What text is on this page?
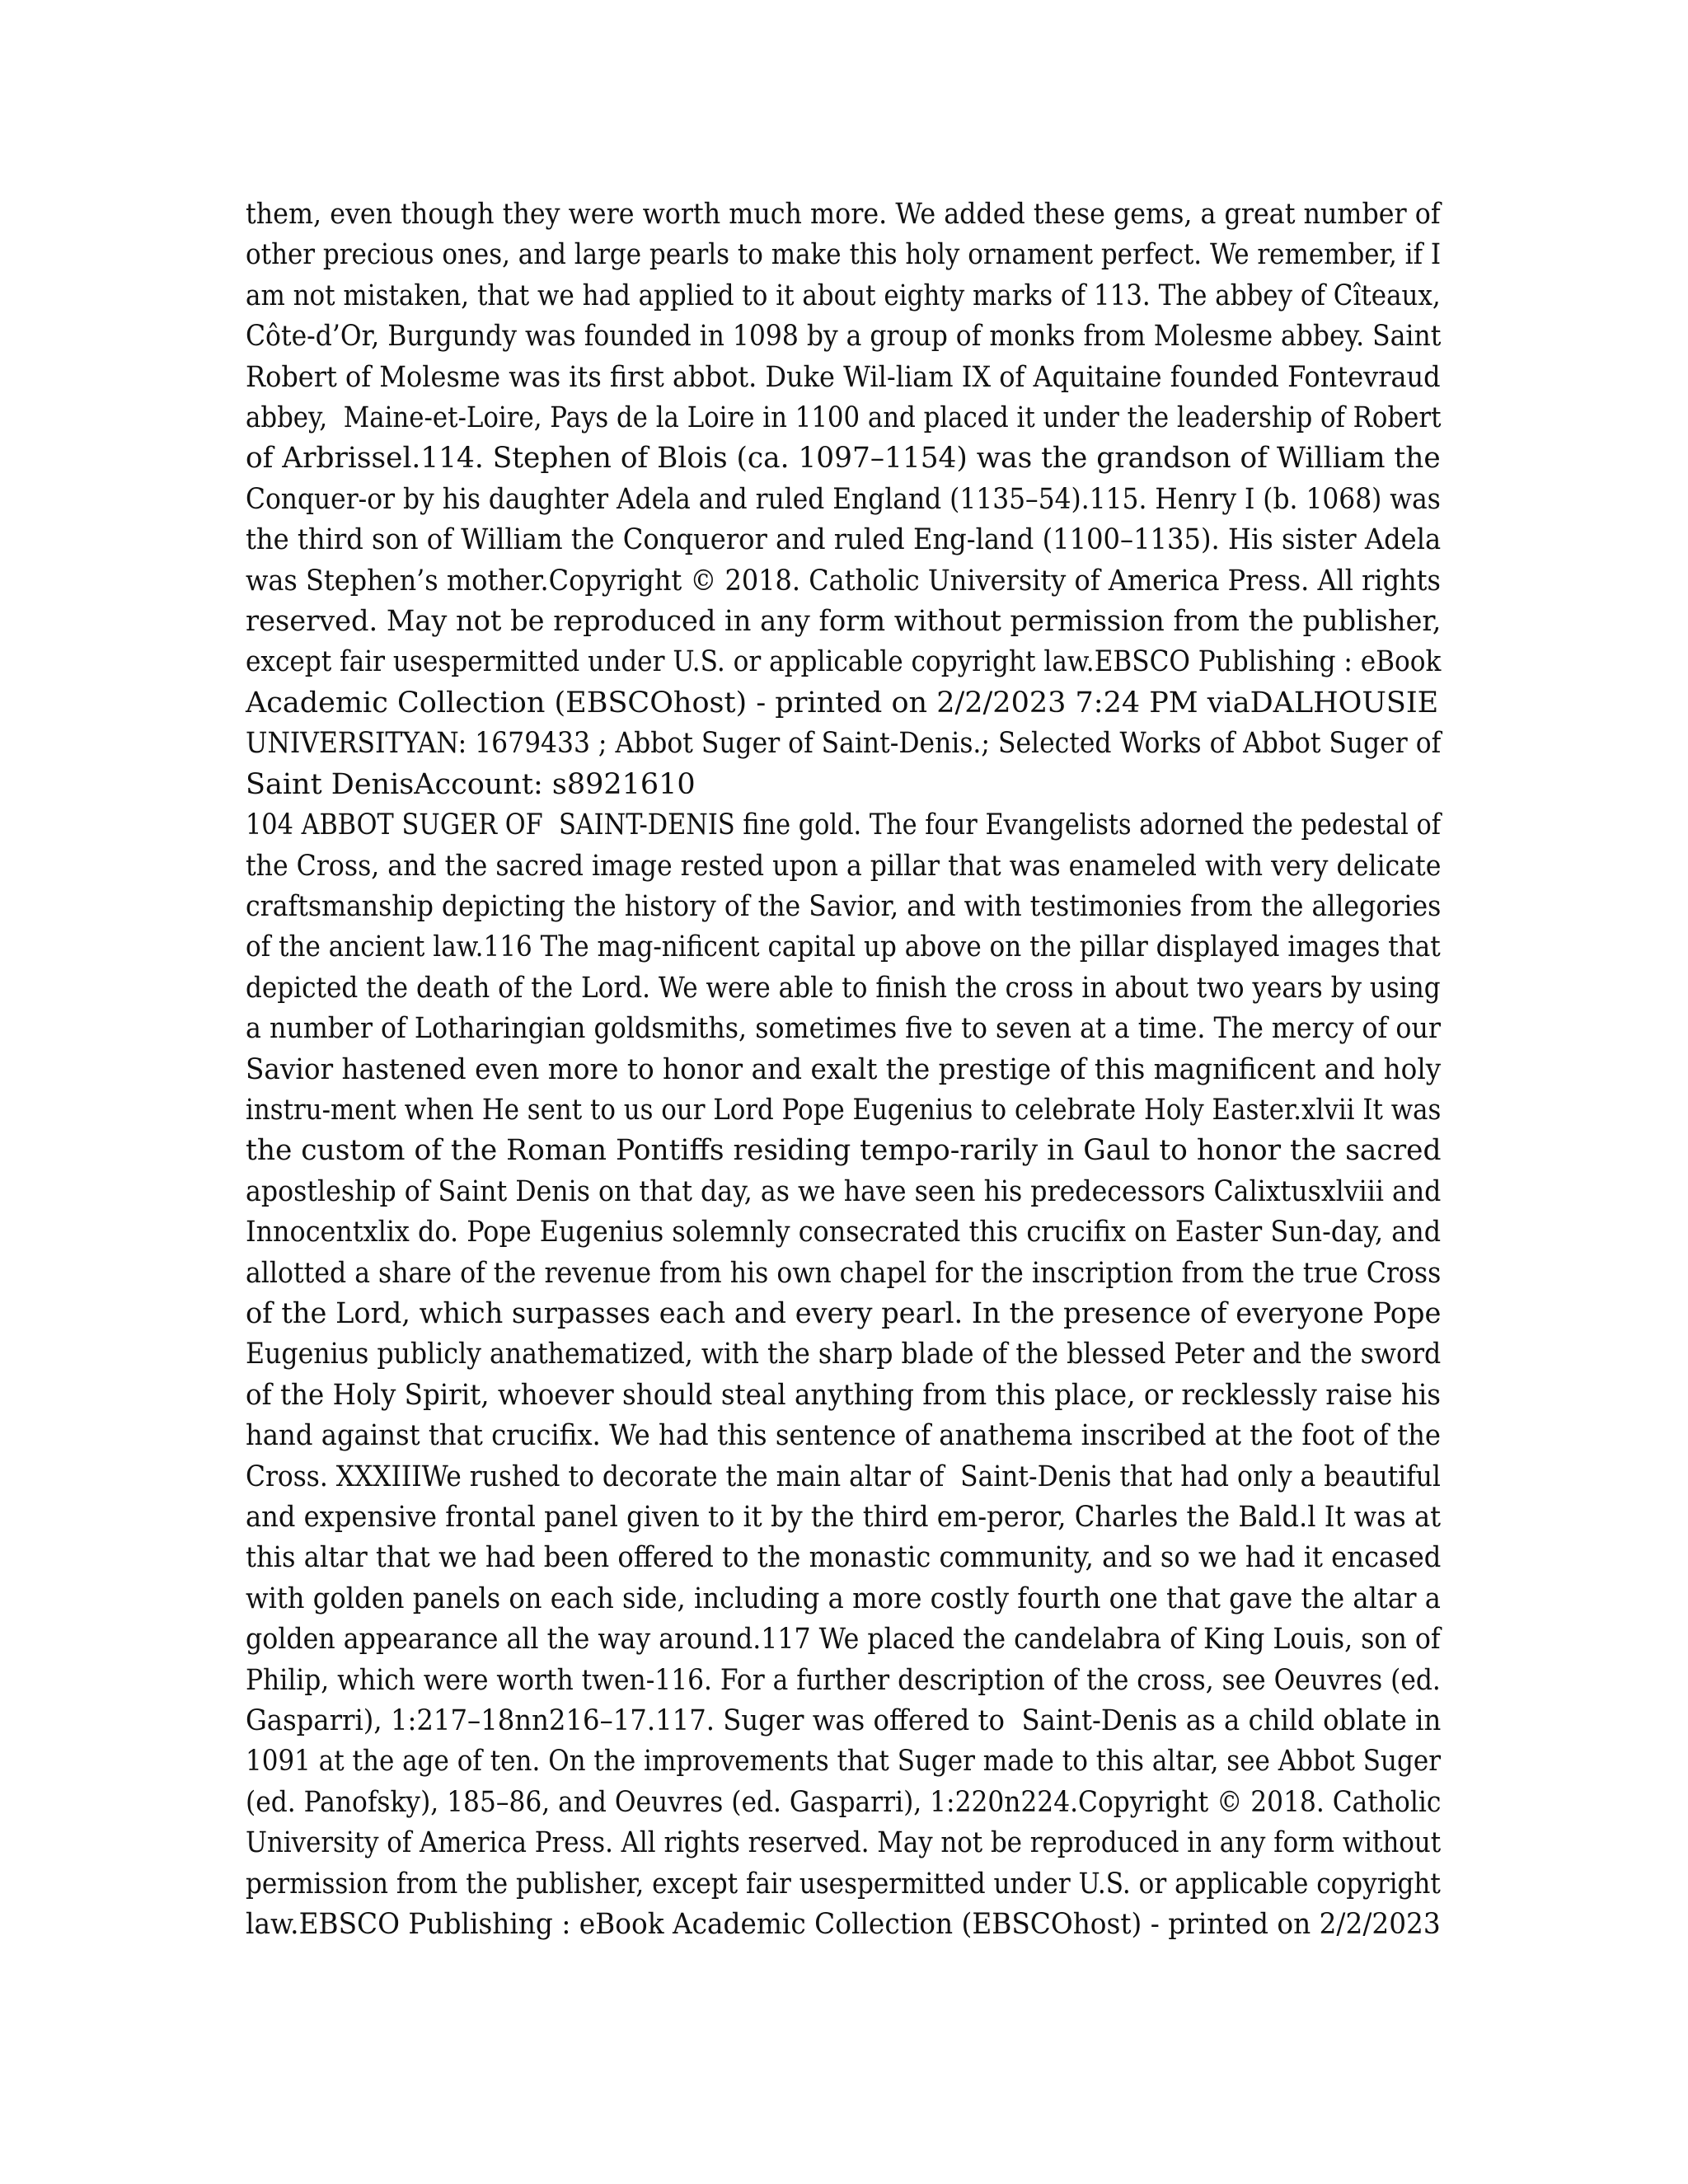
them, even though they were worth much more. We added these gems, a great number of
other precious ones, and large pearls to make this holy ornament perfect. We remember, if I
am not mistaken, that we had applied to it about eighty marks of 113. The abbey of Cîteaux,
Côte-d’Or, Burgundy was founded in 1098 by a group of monks from Molesme abbey. Saint
Robert of Molesme was its first abbot. Duke Wil-liam IX of Aquitaine founded Fontevraud
abbey,  Maine-et-Loire, Pays de la Loire in 1100 and placed it under the leadership of Robert
of Arbrissel.114. Stephen of Blois (ca. 1097–1154) was the grandson of William the
Conquer-or by his daughter Adela and ruled England (1135–54).115. Henry I (b. 1068) was
the third son of William the Conqueror and ruled Eng-land (1100–1135). His sister Adela
was Stephen’s mother.Copyright © 2018. Catholic University of America Press. All rights
reserved. May not be reproduced in any form without permission from the publisher,
except fair usespermitted under U.S. or applicable copyright law.EBSCO Publishing : eBook
Academic Collection (EBSCOhost) - printed on 2/2/2023 7:24 PM viaDALHOUSIE
UNIVERSITYAN: 1679433 ; Abbot Suger of Saint-Denis.; Selected Works of Abbot Suger of
Saint DenisAccount: s8921610
104 ABBOT SUGER OF  SAINT-DENIS fine gold. The four Evangelists adorned the pedestal of
the Cross, and the sacred image rested upon a pillar that was enameled with very delicate
craftsmanship depicting the history of the Savior, and with testimonies from the allegories
of the ancient law.116 The mag-nificent capital up above on the pillar displayed images that
depicted the death of the Lord. We were able to finish the cross in about two years by using
a number of Lotharingian goldsmiths, sometimes five to seven at a time. The mercy of our
Savior hastened even more to honor and exalt the prestige of this magnificent and holy
instru-ment when He sent to us our Lord Pope Eugenius to celebrate Holy Easter.xlvii It was
the custom of the Roman Pontiffs residing tempo-rarily in Gaul to honor the sacred
apostleship of Saint Denis on that day, as we have seen his predecessors Calixtusxlviii and
Innocentxlix do. Pope Eugenius solemnly consecrated this crucifix on Easter Sun-day, and
allotted a share of the revenue from his own chapel for the inscription from the true Cross
of the Lord, which surpasses each and every pearl. In the presence of everyone Pope
Eugenius publicly anathematized, with the sharp blade of the blessed Peter and the sword
of the Holy Spirit, whoever should steal anything from this place, or recklessly raise his
hand against that crucifix. We had this sentence of anathema inscribed at the foot of the
Cross. XXXIIIWe rushed to decorate the main altar of  Saint-Denis that had only a beautiful
and expensive frontal panel given to it by the third em-peror, Charles the Bald.l It was at
this altar that we had been offered to the monastic community, and so we had it encased
with golden panels on each side, including a more costly fourth one that gave the altar a
golden appearance all the way around.117 We placed the candelabra of King Louis, son of
Philip, which were worth twen-116. For a further description of the cross, see Oeuvres (ed.
Gasparri), 1:217–18nn216–17.117. Suger was offered to  Saint-Denis as a child oblate in
1091 at the age of ten. On the improvements that Suger made to this altar, see Abbot Suger
(ed. Panofsky), 185–86, and Oeuvres (ed. Gasparri), 1:220n224.Copyright © 2018. Catholic
University of America Press. All rights reserved. May not be reproduced in any form without
permission from the publisher, except fair usespermitted under U.S. or applicable copyright
law.EBSCO Publishing : eBook Academic Collection (EBSCOhost) - printed on 2/2/2023
